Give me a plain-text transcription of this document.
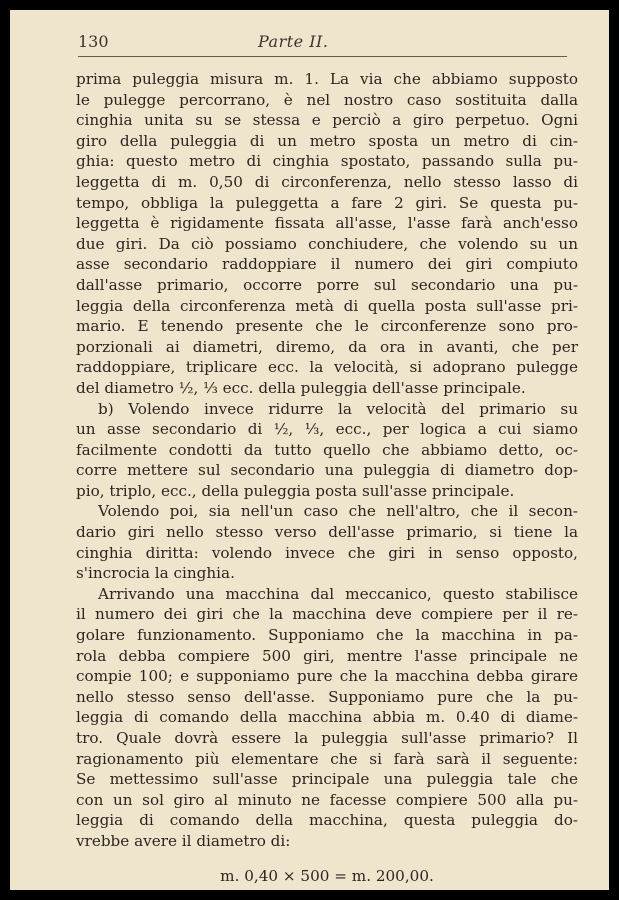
130	Parte II.
prima puleggia misura m. 1. La via che abbiamo supposto
le pulegge percorrano, è nel nostro caso sostituita dalla
cinghia unita su se stessa e perciò a giro perpetuo. Ogni
giro della puleggia di un metro sposta un metro di cin-
ghia: questo metro di cinghia spostato, passando sulla pu-
leggetta di m. 0,50 di circonferenza, nello stesso lasso di
tempo, obbliga la puleggetta a fare 2 giri. Se questa pu-
leggetta è rigidamente fissata all'asse, l'asse farà anch'esso
due giri. Da ciò possiamo conchiudere, che volendo su un
asse secondario raddoppiare il numero dei giri compiuto
dall'asse primario, occorre porre sul secondario una pu-
leggia della circonferenza metà di quella posta sull'asse pri-
mario. E tenendo presente che le circonferenze sono pro-
porzionali ai diametri, diremo, da ora in avanti, che per
raddoppiare, triplicare ecc. la velocità, si adoprano pulegge
del diametro ½, ⅓ ecc. della puleggia dell'asse principale.
b) Volendo invece ridurre la velocità del primario su
un asse secondario di ½, ⅓, ecc., per logica a cui siamo
facilmente condotti da tutto quello che abbiamo detto, oc-
corre mettere sul secondario una puleggia di diametro dop-
pio, triplo, ecc., della puleggia posta sull'asse principale.
Volendo poi, sia nell'un caso che nell'altro, che il secon-
dario giri nello stesso verso dell'asse primario, si tiene la
cinghia diritta: volendo invece che giri in senso opposto,
s'incrocia la cinghia.
Arrivando una macchina dal meccanico, questo stabilisce
il numero dei giri che la macchina deve compiere per il re-
golare funzionamento. Supponiamo che la macchina in pa-
rola debba compiere 500 giri, mentre l'asse principale ne
compie 100; e supponiamo pure che la macchina debba girare
nello stesso senso dell'asse. Supponiamo pure che la pu-
leggia di comando della macchina abbia m. 0.40 di diame-
tro. Quale dovrà essere la puleggia sull'asse primario? Il
ragionamento più elementare che si farà sarà il seguente:
Se mettessimo sull'asse principale una puleggia tale che
con un sol giro al minuto ne facesse compiere 500 alla pu-
leggia di comando della macchina, questa puleggia do-
vrebbe avere il diametro di:
m. 0,40 × 500 = m. 200,00.
